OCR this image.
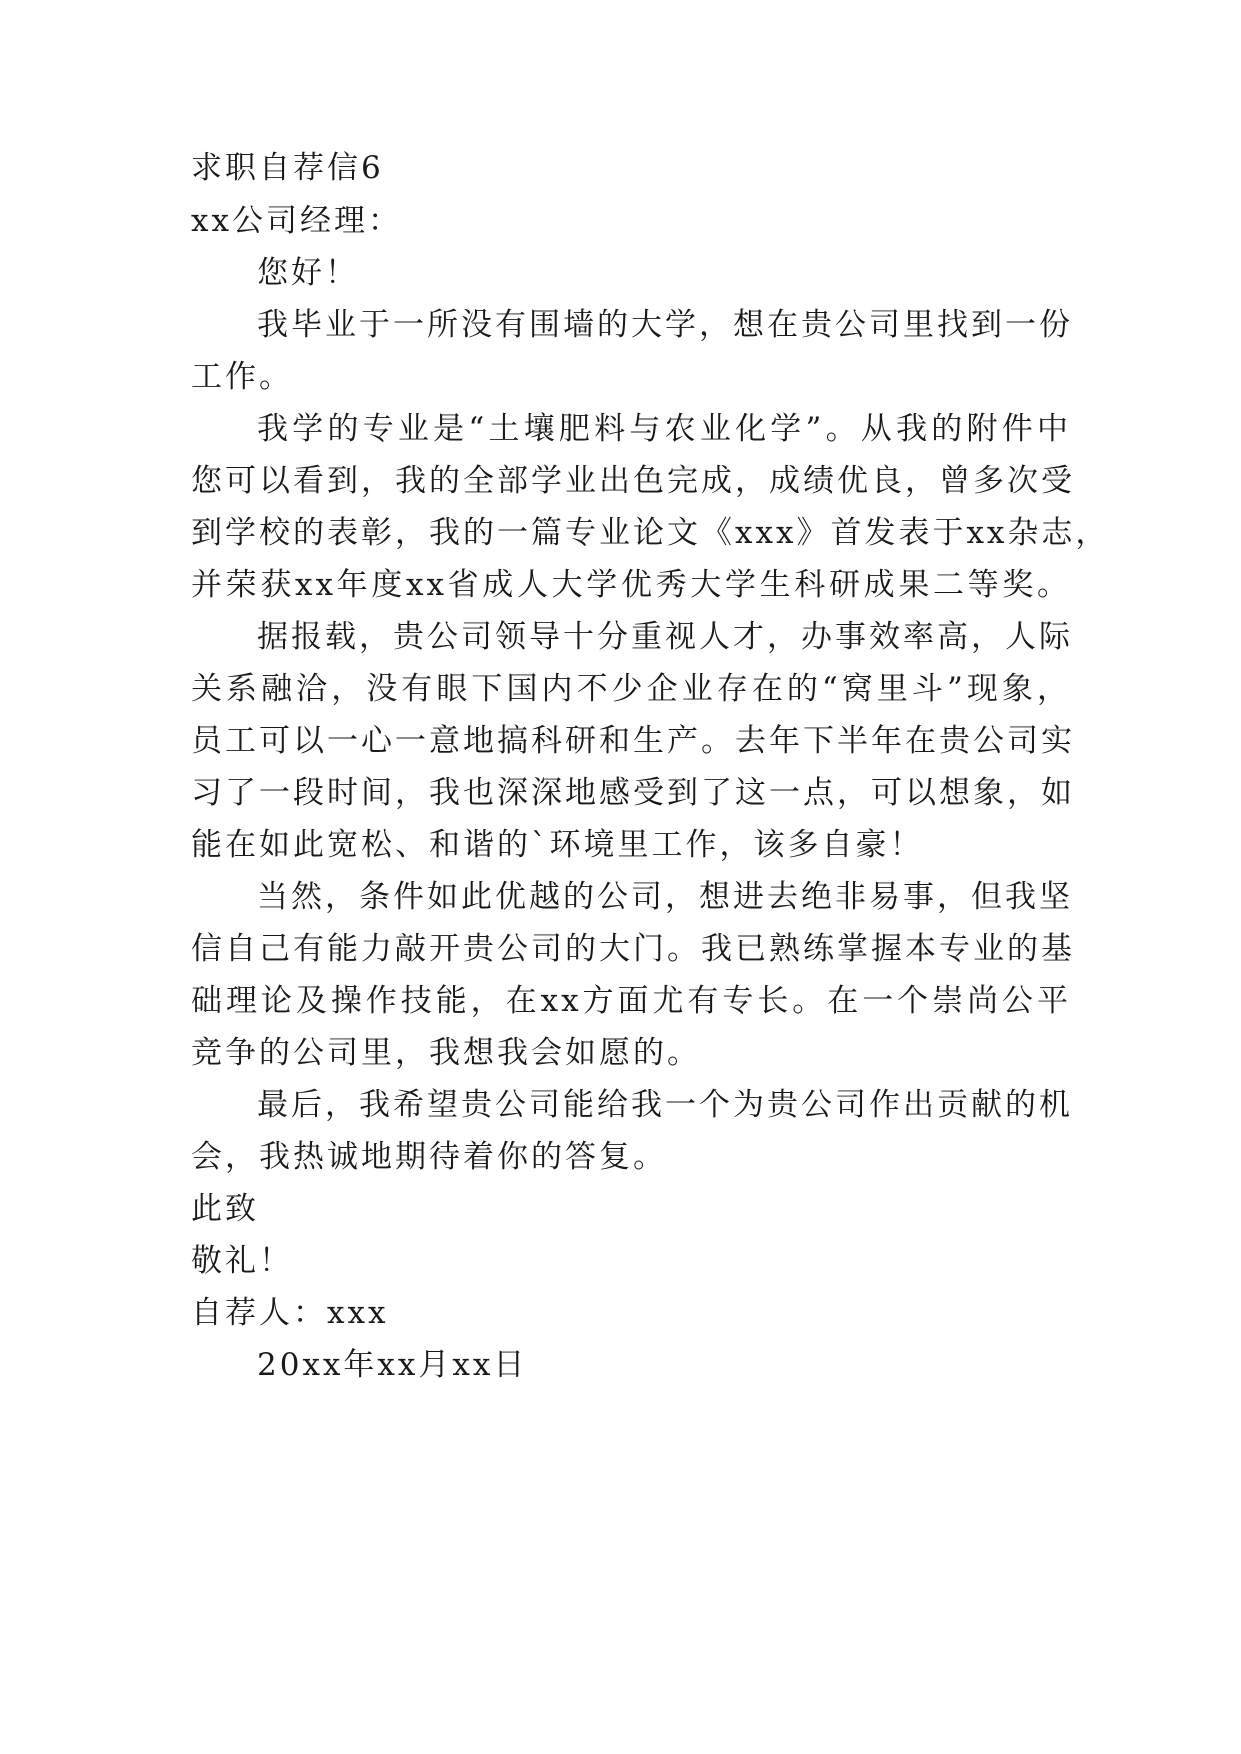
求职自荐信6
xx公司经理：
您好！
我毕业于一所没有围墙的大学，想在贵公司里找到一份
工作。
我学的专业是“土壤肥料与农业化学”。从我的附件中
您可以看到，我的全部学业出色完成，成绩优良，曾多次受
到学校的表彰，我的一篇专业论文《xxx》首发表于xx杂志，
并荣获xx年度xx省成人大学优秀大学生科研成果二等奖。
据报载，贵公司领导十分重视人才，办事效率高，人际
关系融洽，没有眼下国内不少企业存在的“窝里斗”现象，
员工可以一心一意地搞科研和生产。去年下半年在贵公司实
习了一段时间，我也深深地感受到了这一点，可以想象，如
能在如此宽松、和谐的`环境里工作，该多自豪！
当然，条件如此优越的公司，想进去绝非易事，但我坚
信自己有能力敲开贵公司的大门。我已熟练掌握本专业的基
础理论及操作技能，在xx方面尤有专长。在一个崇尚公平
竞争的公司里，我想我会如愿的。
最后，我希望贵公司能给我一个为贵公司作出贡献的机
会，我热诚地期待着你的答复。
此致
敬礼！
自荐人：xxx
20xx年xx月xx日
